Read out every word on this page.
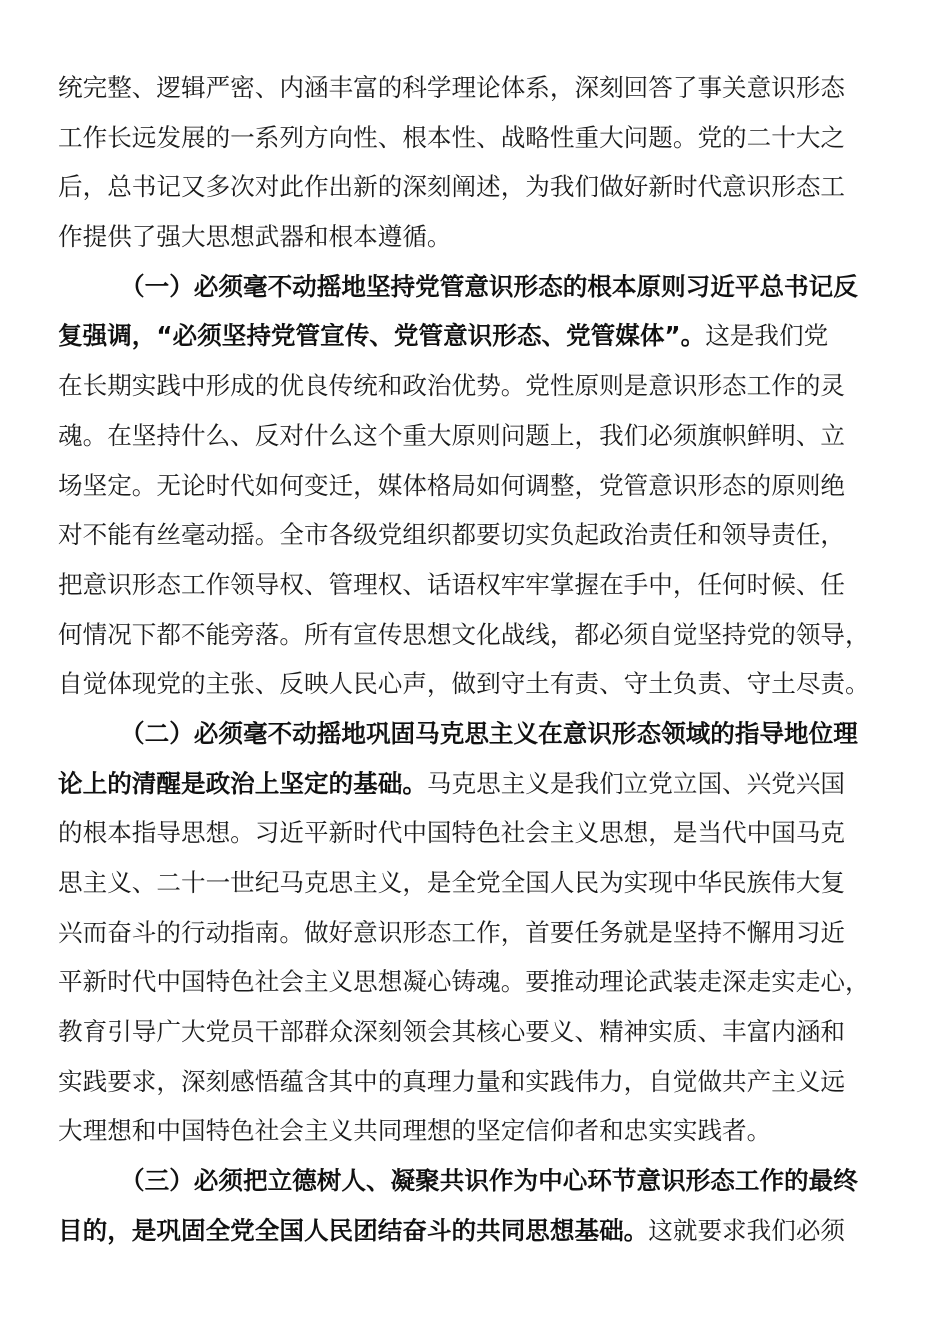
统完整、逻辑严密、内涵丰富的科学理论体系，深刻回答了事关意识形态
工作长远发展的一系列方向性、根本性、战略性重大问题。党的二十大之
后，总书记又多次对此作出新的深刻阐述，为我们做好新时代意识形态工
作提供了强大思想武器和根本遵循。
（一）必须毫不动摇地坚持党管意识形态的根本原则习近平总书记反
复强调，“必须坚持党管宣传、党管意识形态、党管媒体”。这是我们党
在长期实践中形成的优良传统和政治优势。党性原则是意识形态工作的灵
魂。在坚持什么、反对什么这个重大原则问题上，我们必须旗帜鲜明、立
场坚定。无论时代如何变迁，媒体格局如何调整，党管意识形态的原则绝
对不能有丝毫动摇。全市各级党组织都要切实负起政治责任和领导责任，
把意识形态工作领导权、管理权、话语权牢牢掌握在手中，任何时候、任
何情况下都不能旁落。所有宣传思想文化战线，都必须自觉坚持党的领导，
自觉体现党的主张、反映人民心声，做到守土有责、守土负责、守土尽责。
（二）必须毫不动摇地巩固马克思主义在意识形态领域的指导地位理
论上的清醒是政治上坚定的基础。马克思主义是我们立党立国、兴党兴国
的根本指导思想。习近平新时代中国特色社会主义思想，是当代中国马克
思主义、二十一世纪马克思主义，是全党全国人民为实现中华民族伟大复
兴而奋斗的行动指南。做好意识形态工作，首要任务就是坚持不懈用习近
平新时代中国特色社会主义思想凝心铸魂。要推动理论武装走深走实走心，
教育引导广大党员干部群众深刻领会其核心要义、精神实质、丰富内涵和
实践要求，深刻感悟蕴含其中的真理力量和实践伟力，自觉做共产主义远
大理想和中国特色社会主义共同理想的坚定信仰者和忠实实践者。
（三）必须把立德树人、凝聚共识作为中心环节意识形态工作的最终
目的，是巩固全党全国人民团结奋斗的共同思想基础。这就要求我们必须
